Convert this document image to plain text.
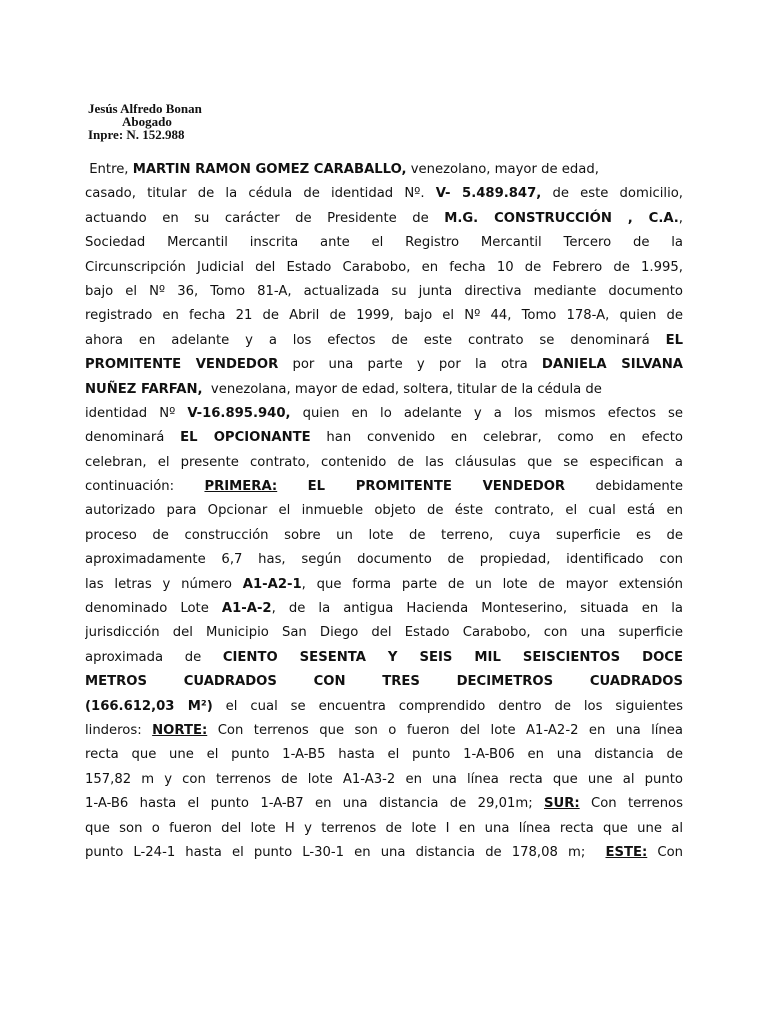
Jesús Alfredo Bonan
Abogado
Inpre: N. 152.988
Entre, MARTIN RAMON GOMEZ CARABALLO, venezolano, mayor de edad,
casado, titular de la cédula de identidad Nº. V- 5.489.847, de este domicilio,
actuando en su carácter de Presidente de M.G. CONSTRUCCIÓN , C.A.,
Sociedad Mercantil inscrita ante el Registro Mercantil Tercero de la
Circunscripción Judicial del Estado Carabobo, en fecha 10 de Febrero de 1.995,
bajo el Nº 36, Tomo 81-A, actualizada su junta directiva mediante documento
registrado en fecha 21 de Abril de 1999, bajo el Nº 44, Tomo 178-A, quien de
ahora en adelante y a los efectos de este contrato se denominará EL
PROMITENTE VENDEDOR por una parte y por la otra DANIELA SILVANA
NUÑEZ FARFAN,  venezolana, mayor de edad, soltera, titular de la cédula de
identidad Nº V-16.895.940, quien en lo adelante y a los mismos efectos se
denominará EL OPCIONANTE han convenido en celebrar, como en efecto
celebran, el presente contrato, contenido de las cláusulas que se especifican a
continuación: PRIMERA: EL PROMITENTE VENDEDOR debidamente
autorizado para Opcionar el inmueble objeto de éste contrato, el cual está en
proceso de construcción sobre un lote de terreno, cuya superficie es de
aproximadamente 6,7 has, según documento de propiedad, identificado con
las letras y número A1-A2-1, que forma parte de un lote de mayor extensión
denominado Lote A1-A-2, de la antigua Hacienda Monteserino, situada en la
jurisdicción del Municipio San Diego del Estado Carabobo, con una superficie
aproximada de CIENTO SESENTA Y SEIS MIL SEISCIENTOS DOCE
METROS CUADRADOS CON TRES DECIMETROS CUADRADOS
(166.612,03 M²) el cual se encuentra comprendido dentro de los siguientes
linderos: NORTE: Con terrenos que son o fueron del lote A1-A2-2 en una línea
recta que une el punto 1-A-B5 hasta el punto 1-A-B06 en una distancia de
157,82 m y con terrenos de lote A1-A3-2 en una línea recta que une al punto
1-A-B6 hasta el punto 1-A-B7 en una distancia de 29,01m; SUR: Con terrenos
que son o fueron del lote H y terrenos de lote I en una línea recta que une al
punto L-24-1 hasta el punto L-30-1 en una distancia de 178,08 m;  ESTE: Con
